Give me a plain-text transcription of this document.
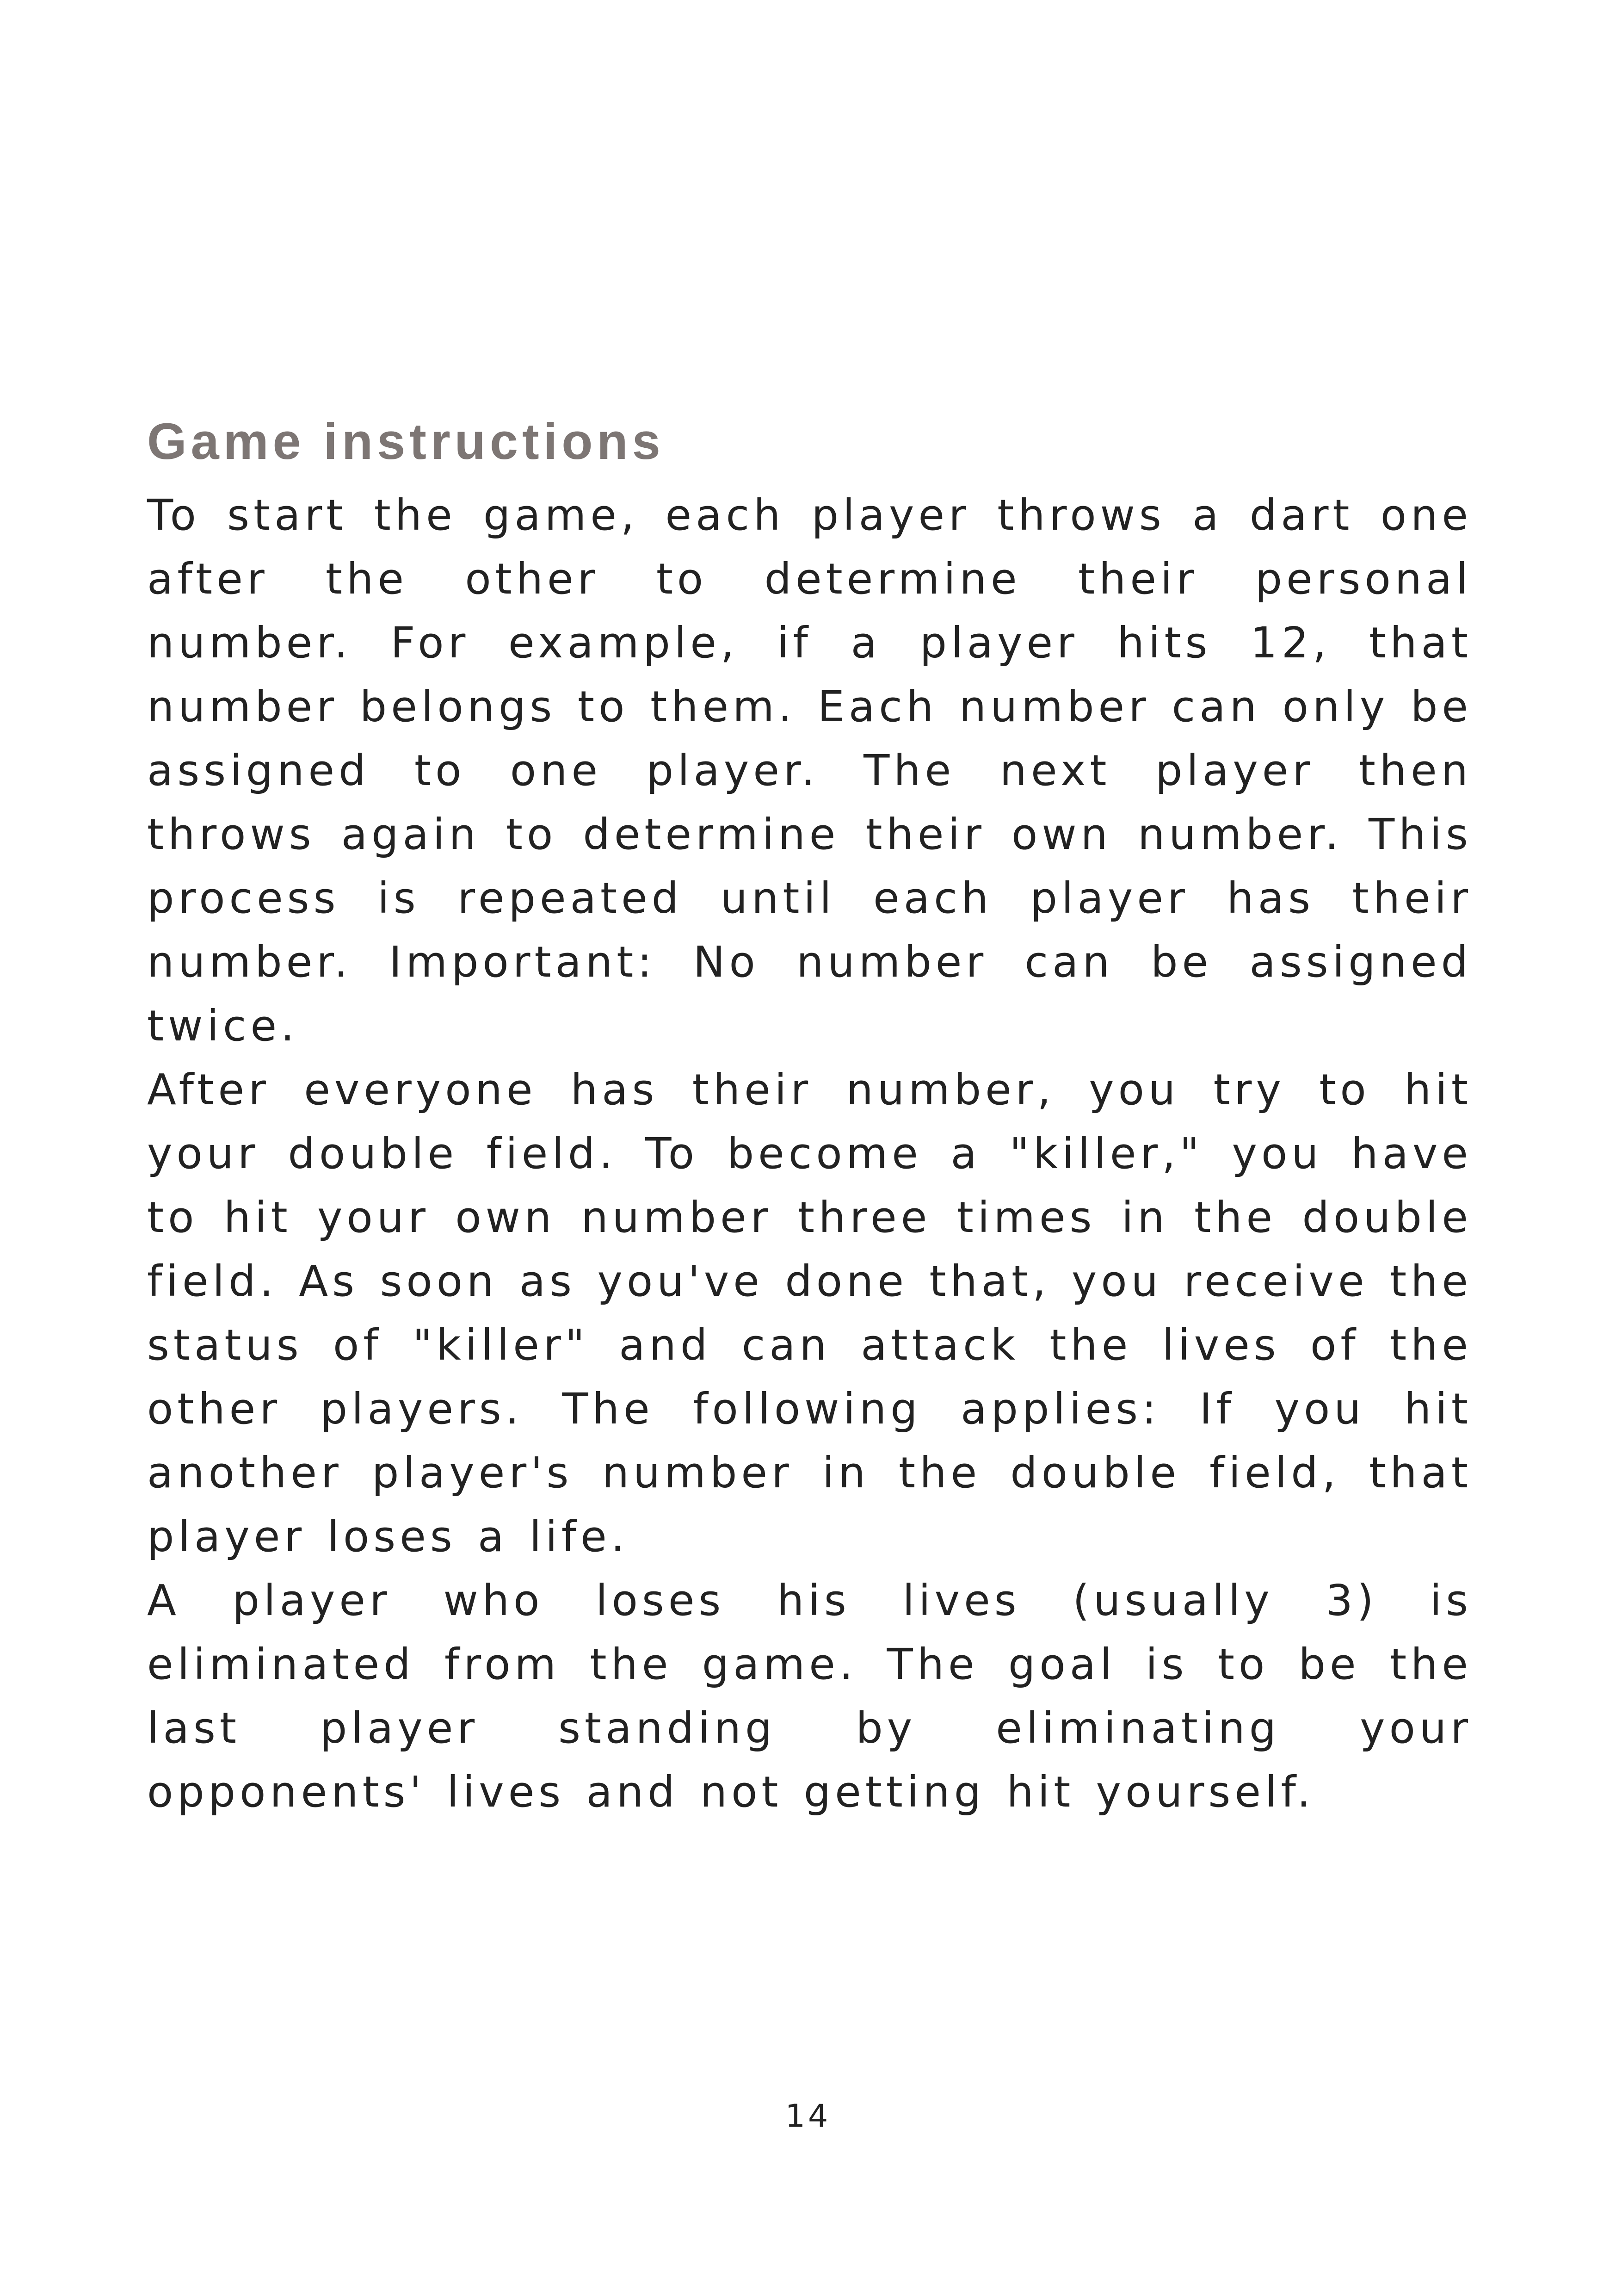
Game instructions

To start the game, each player throws a dart one after the other to determine their personal number. For example, if a player hits 12, that number belongs to them. Each number can only be assigned to one player. The next player then throws again to determine their own number. This process is repeated until each player has their number. Important: No number can be assigned twice.

After everyone has their number, you try to hit your double field. To become a "killer," you have to hit your own number three times in the double field. As soon as you've done that, you receive the status of "killer" and can attack the lives of the other players. The following applies: If you hit another player's number in the double field, that player loses a life.

A player who loses his lives (usually 3) is eliminated from the game. The goal is to be the last player standing by eliminating your opponents' lives and not getting hit yourself.

14
